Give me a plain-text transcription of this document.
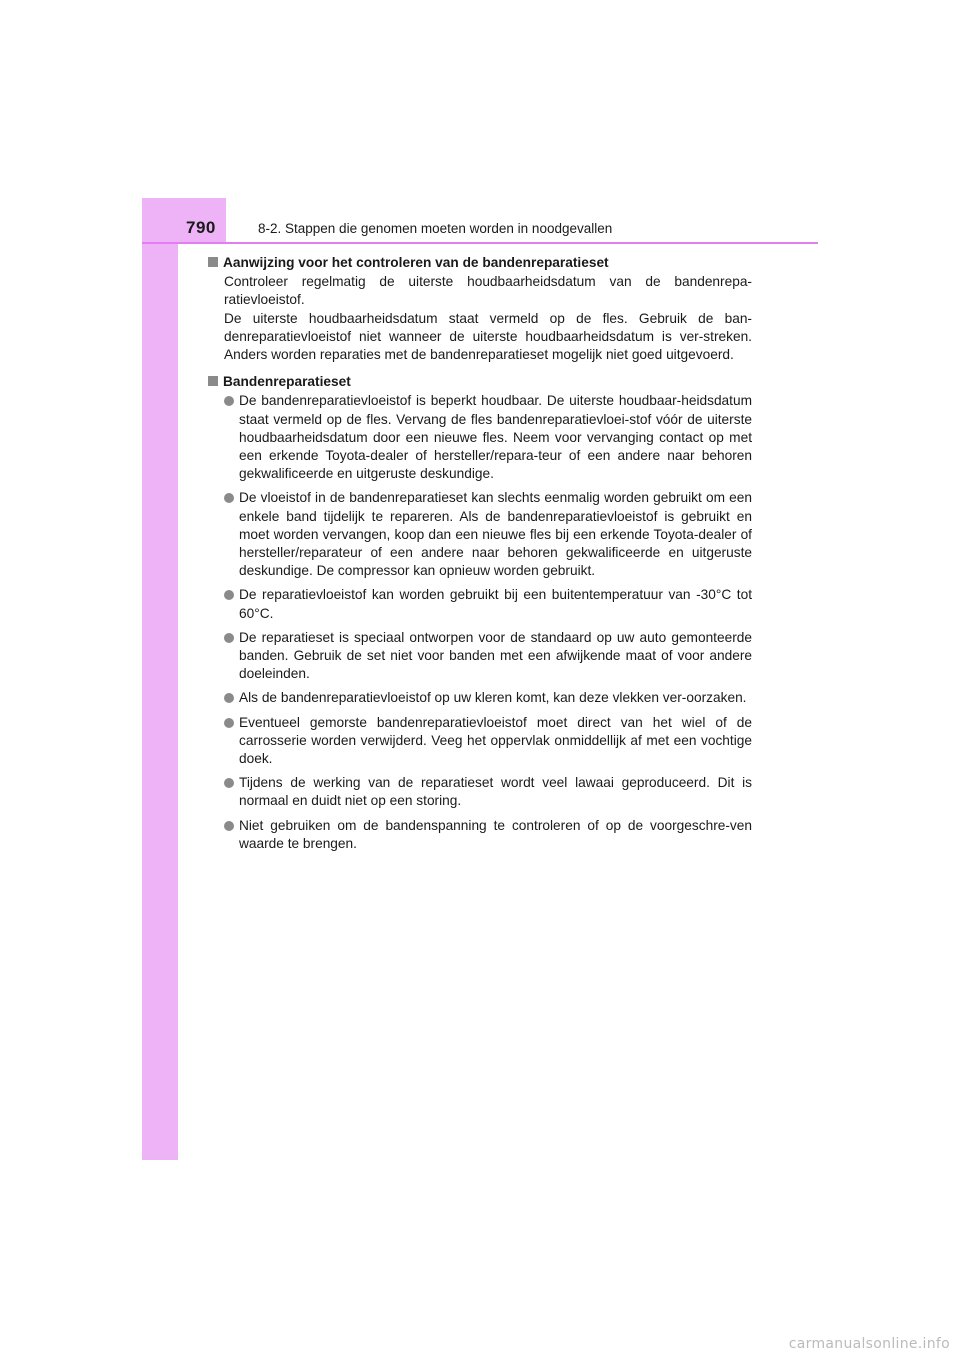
790	8-2. Stappen die genomen moeten worden in noodgevallen
Aanwijzing voor het controleren van de bandenreparatieset

Controleer regelmatig de uiterste houdbaarheidsdatum van de bandenrepa-ratievloeistof.

De uiterste houdbaarheidsdatum staat vermeld op de fles. Gebruik de ban-denreparatievloeistof niet wanneer de uiterste houdbaarheidsdatum is ver-streken. Anders worden reparaties met de bandenreparatieset mogelijk niet goed uitgevoerd.

Bandenreparatieset
De bandenreparatievloeistof is beperkt houdbaar. De uiterste houdbaar-heidsdatum staat vermeld op de fles. Vervang de fles bandenreparatievloei-stof vóór de uiterste houdbaarheidsdatum door een nieuwe fles. Neem voor vervanging contact op met een erkende Toyota-dealer of hersteller/repara-teur of een andere naar behoren gekwalificeerde en uitgeruste deskundige.
De vloeistof in de bandenreparatieset kan slechts eenmalig worden gebruikt om een enkele band tijdelijk te repareren. Als de bandenreparatievloeistof is gebruikt en moet worden vervangen, koop dan een nieuwe fles bij een erkende Toyota-dealer of hersteller/reparateur of een andere naar behoren gekwalificeerde en uitgeruste deskundige. De compressor kan opnieuw worden gebruikt.
De reparatievloeistof kan worden gebruikt bij een buitentemperatuur van -30°C tot 60°C.
De reparatieset is speciaal ontworpen voor de standaard op uw auto gemonteerde banden. Gebruik de set niet voor banden met een afwijkende maat of voor andere doeleinden.
Als de bandenreparatievloeistof op uw kleren komt, kan deze vlekken ver-oorzaken.
Eventueel gemorste bandenreparatievloeistof moet direct van het wiel of de carrosserie worden verwijderd. Veeg het oppervlak onmiddellijk af met een vochtige doek.
Tijdens de werking van de reparatieset wordt veel lawaai geproduceerd. Dit is normaal en duidt niet op een storing.
Niet gebruiken om de bandenspanning te controleren of op de voorgeschre-ven waarde te brengen.
carmanualsonline.info
